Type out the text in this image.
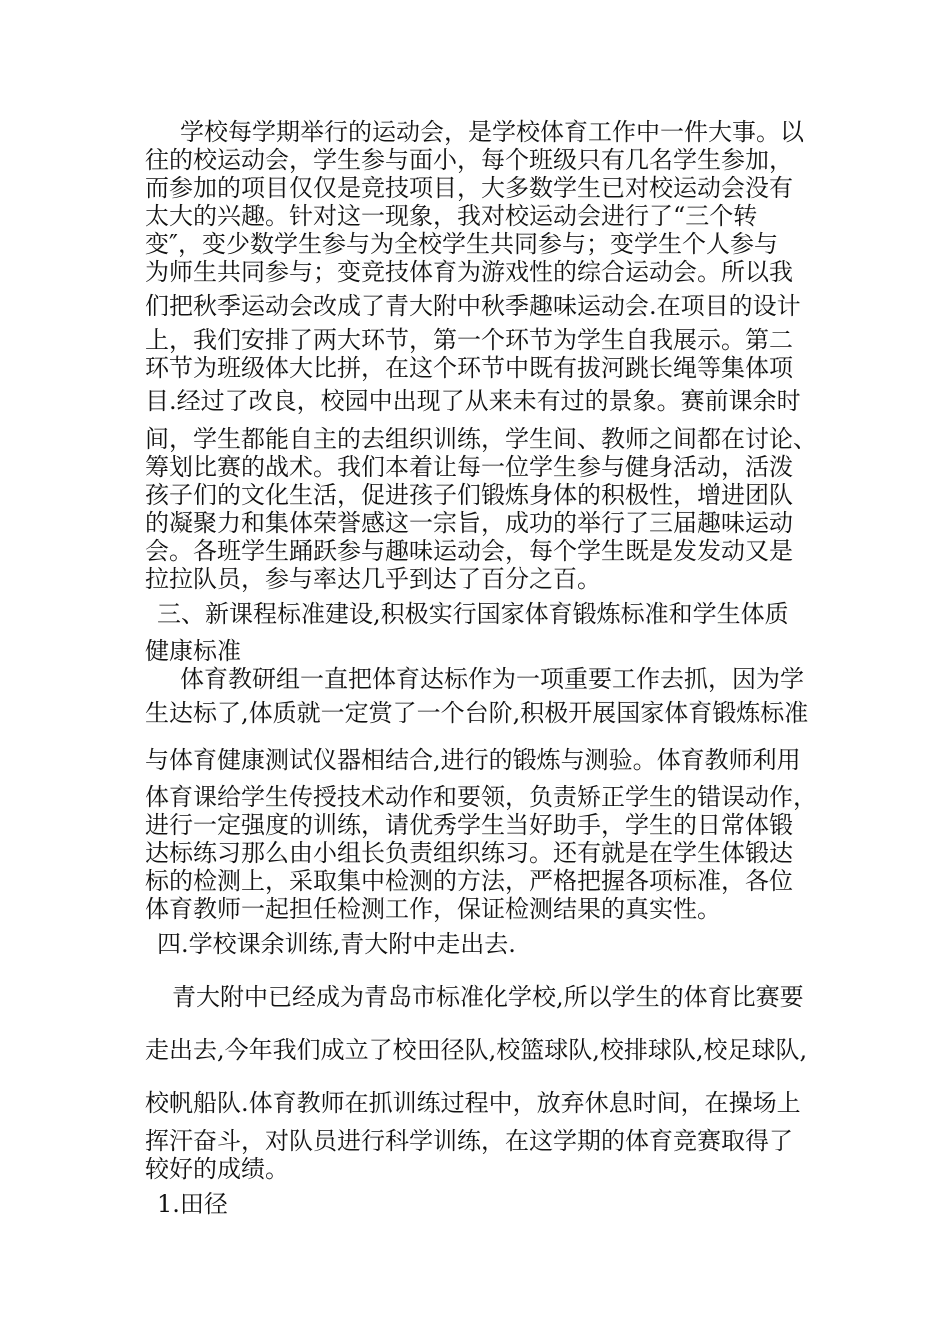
学校每学期举行的运动会，是学校体育工作中一件大事。以

往的校运动会，学生参与面小，每个班级只有几名学生参加，

而参加的项目仅仅是竞技项目，大多数学生已对校运动会没有

太大的兴趣。针对这一现象，我对校运动会进行了“三个转

变″，变少数学生参与为全校学生共同参与；变学生个人参与

为师生共同参与；变竞技体育为游戏性的综合运动会。所以我

们把秋季运动会改成了青大附中秋季趣味运动会.在项目的设计

上，我们安排了两大环节，第一个环节为学生自我展示。第二

环节为班级体大比拼，在这个环节中既有拔河跳长绳等集体项

目.经过了改良，校园中出现了从来未有过的景象。赛前课余时

间，学生都能自主的去组织训练，学生间、教师之间都在讨论、

筹划比赛的战术。我们本着让每一位学生参与健身活动，活泼

孩子们的文化生活，促进孩子们锻炼身体的积极性，增进团队

的凝聚力和集体荣誉感这一宗旨，成功的举行了三届趣味运动

会。各班学生踊跃参与趣味运动会，每个学生既是发发动又是

拉拉队员，参与率达几乎到达了百分之百。

三、新课程标准建设,积极实行国家体育锻炼标准和学生体质

健康标准

体育教研组一直把体育达标作为一项重要工作去抓，因为学

生达标了,体质就一定赏了一个台阶,积极开展国家体育锻炼标准

与体育健康测试仪器相结合,进行的锻炼与测验。体育教师利用

体育课给学生传授技术动作和要领，负责矫正学生的错误动作，

进行一定强度的训练，请优秀学生当好助手，学生的日常体锻

达标练习那么由小组长负责组织练习。还有就是在学生体锻达

标的检测上，采取集中检测的方法，严格把握各项标准，各位

体育教师一起担任检测工作，保证检测结果的真实性。

四.学校课余训练,青大附中走出去.

青大附中已经成为青岛市标准化学校,所以学生的体育比赛要

走出去,今年我们成立了校田径队,校篮球队,校排球队,校足球队,

校帆船队.体育教师在抓训练过程中，放弃休息时间，在操场上

挥汗奋斗，对队员进行科学训练，在这学期的体育竞赛取得了

较好的成绩。

1.田径
